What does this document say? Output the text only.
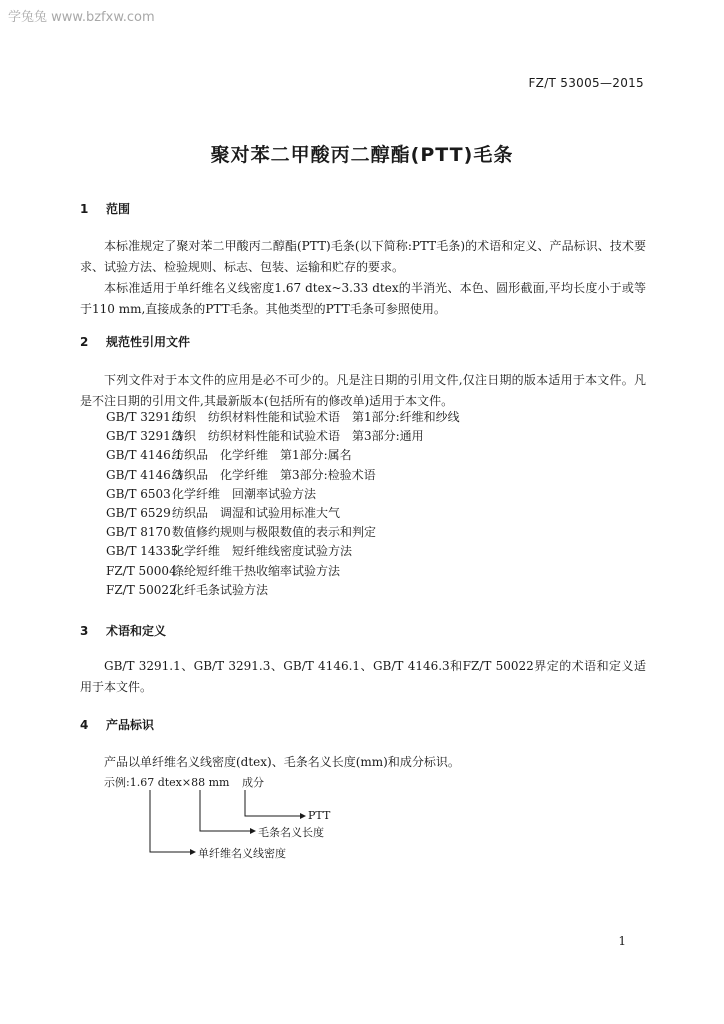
学兔兔 www.bzfxw.com
FZ/T 53005—2015
聚对苯二甲酸丙二醇酯(PTT)毛条
1 范围
本标准规定了聚对苯二甲酸丙二醇酯(PTT)毛条(以下简称:PTT毛条)的术语和定义、产品标识、技术要求、试验方法、检验规则、标志、包装、运输和贮存的要求。
本标准适用于单纤维名义线密度1.67 dtex~3.33 dtex的半消光、本色、圆形截面,平均长度小于或等于110 mm,直接成条的PTT毛条。其他类型的PTT毛条可参照使用。
2 规范性引用文件
下列文件对于本文件的应用是必不可少的。凡是注日期的引用文件,仅注日期的版本适用于本文件。凡是不注日期的引用文件,其最新版本(包括所有的修改单)适用于本文件。
GB/T 3291.1纺织　纺织材料性能和试验术语　第1部分:纤维和纱线
GB/T 3291.3纺织　纺织材料性能和试验术语　第3部分:通用
GB/T 4146.1纺织品　化学纤维　第1部分:属名
GB/T 4146.3纺织品　化学纤维　第3部分:检验术语
GB/T 6503化学纤维　回潮率试验方法
GB/T 6529纺织品　调湿和试验用标准大气
GB/T 8170数值修约规则与极限数值的表示和判定
GB/T 14335化学纤维　短纤维线密度试验方法
FZ/T 50004涤纶短纤维干热收缩率试验方法
FZ/T 50022化纤毛条试验方法
3 术语和定义
GB/T 3291.1、GB/T 3291.3、GB/T 4146.1、GB/T 4146.3和FZ/T 50022界定的术语和定义适用于本文件。
4 产品标识
产品以单纤维名义线密度(dtex)、毛条名义长度(mm)和成分标识。
示例:1.67 dtex×88 mm 成分
PTT
毛条名义长度
单纤维名义线密度
1
